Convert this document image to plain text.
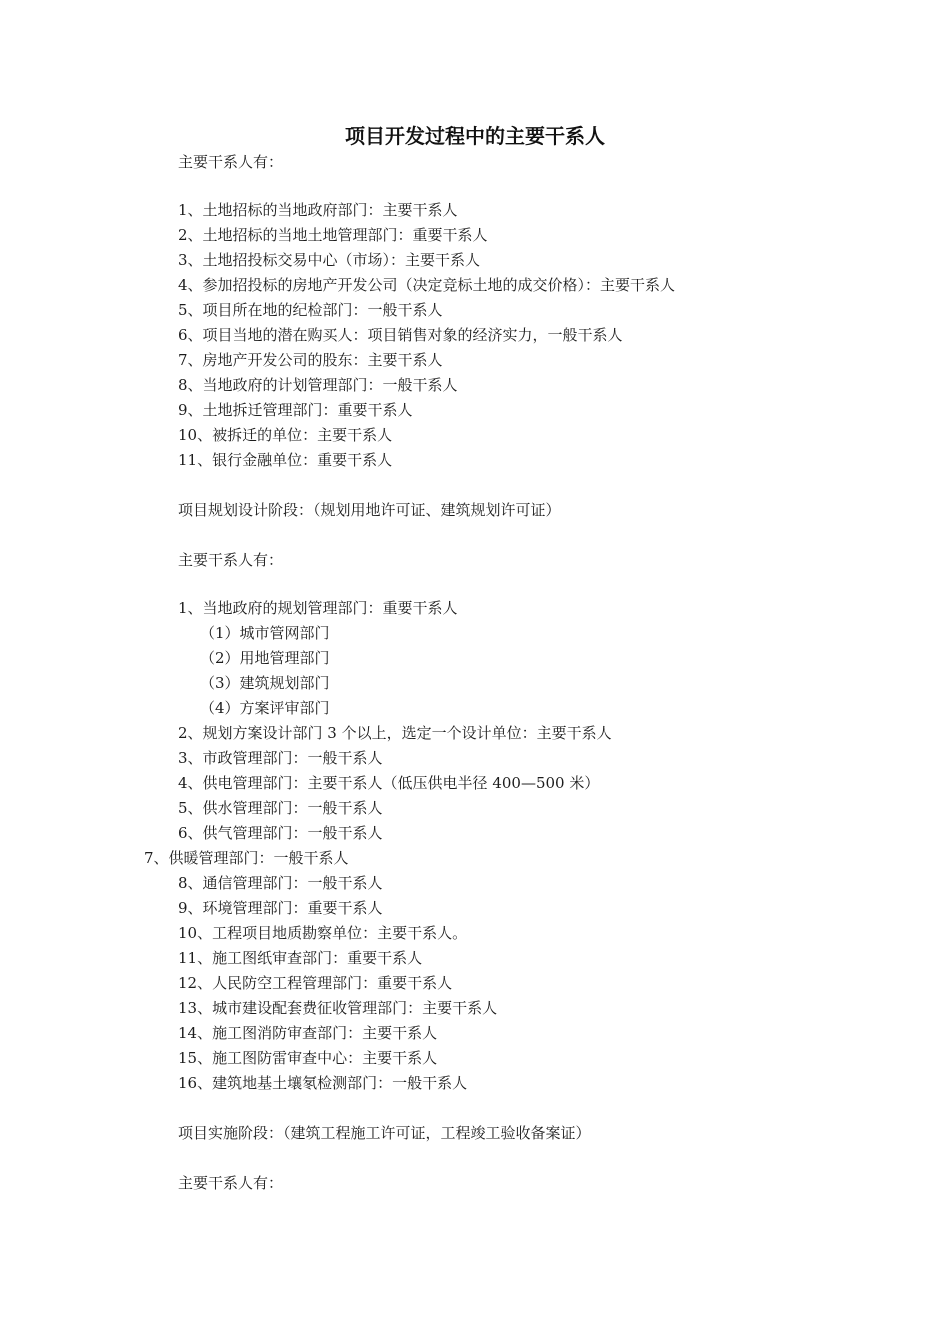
项目开发过程中的主要干系人
主要干系人有：
1、土地招标的当地政府部门：主要干系人
2、土地招标的当地土地管理部门：重要干系人
3、土地招投标交易中心（市场）：主要干系人
4、参加招投标的房地产开发公司（决定竞标土地的成交价格）：主要干系人
5、项目所在地的纪检部门：一般干系人
6、项目当地的潜在购买人：项目销售对象的经济实力，一般干系人
7、房地产开发公司的股东：主要干系人
8、当地政府的计划管理部门：一般干系人
9、土地拆迁管理部门：重要干系人
10、被拆迁的单位：主要干系人
11、银行金融单位：重要干系人
项目规划设计阶段：（规划用地许可证、建筑规划许可证）
主要干系人有：
1、当地政府的规划管理部门：重要干系人
（1）城市管网部门
（2）用地管理部门
（3）建筑规划部门
（4）方案评审部门
2、规划方案设计部门 3 个以上，选定一个设计单位：主要干系人
3、市政管理部门：一般干系人
4、供电管理部门：主要干系人（低压供电半径 400—500 米）
5、供水管理部门：一般干系人
6、供气管理部门：一般干系人
7、供暖管理部门：一般干系人
8、通信管理部门：一般干系人
9、环境管理部门：重要干系人
10、工程项目地质勘察单位：主要干系人。
11、施工图纸审查部门：重要干系人
12、人民防空工程管理部门：重要干系人
13、城市建设配套费征收管理部门：主要干系人
14、施工图消防审查部门：主要干系人
15、施工图防雷审查中心：主要干系人
16、建筑地基土壤氡检测部门：一般干系人
项目实施阶段：（建筑工程施工许可证，工程竣工验收备案证）
主要干系人有：
